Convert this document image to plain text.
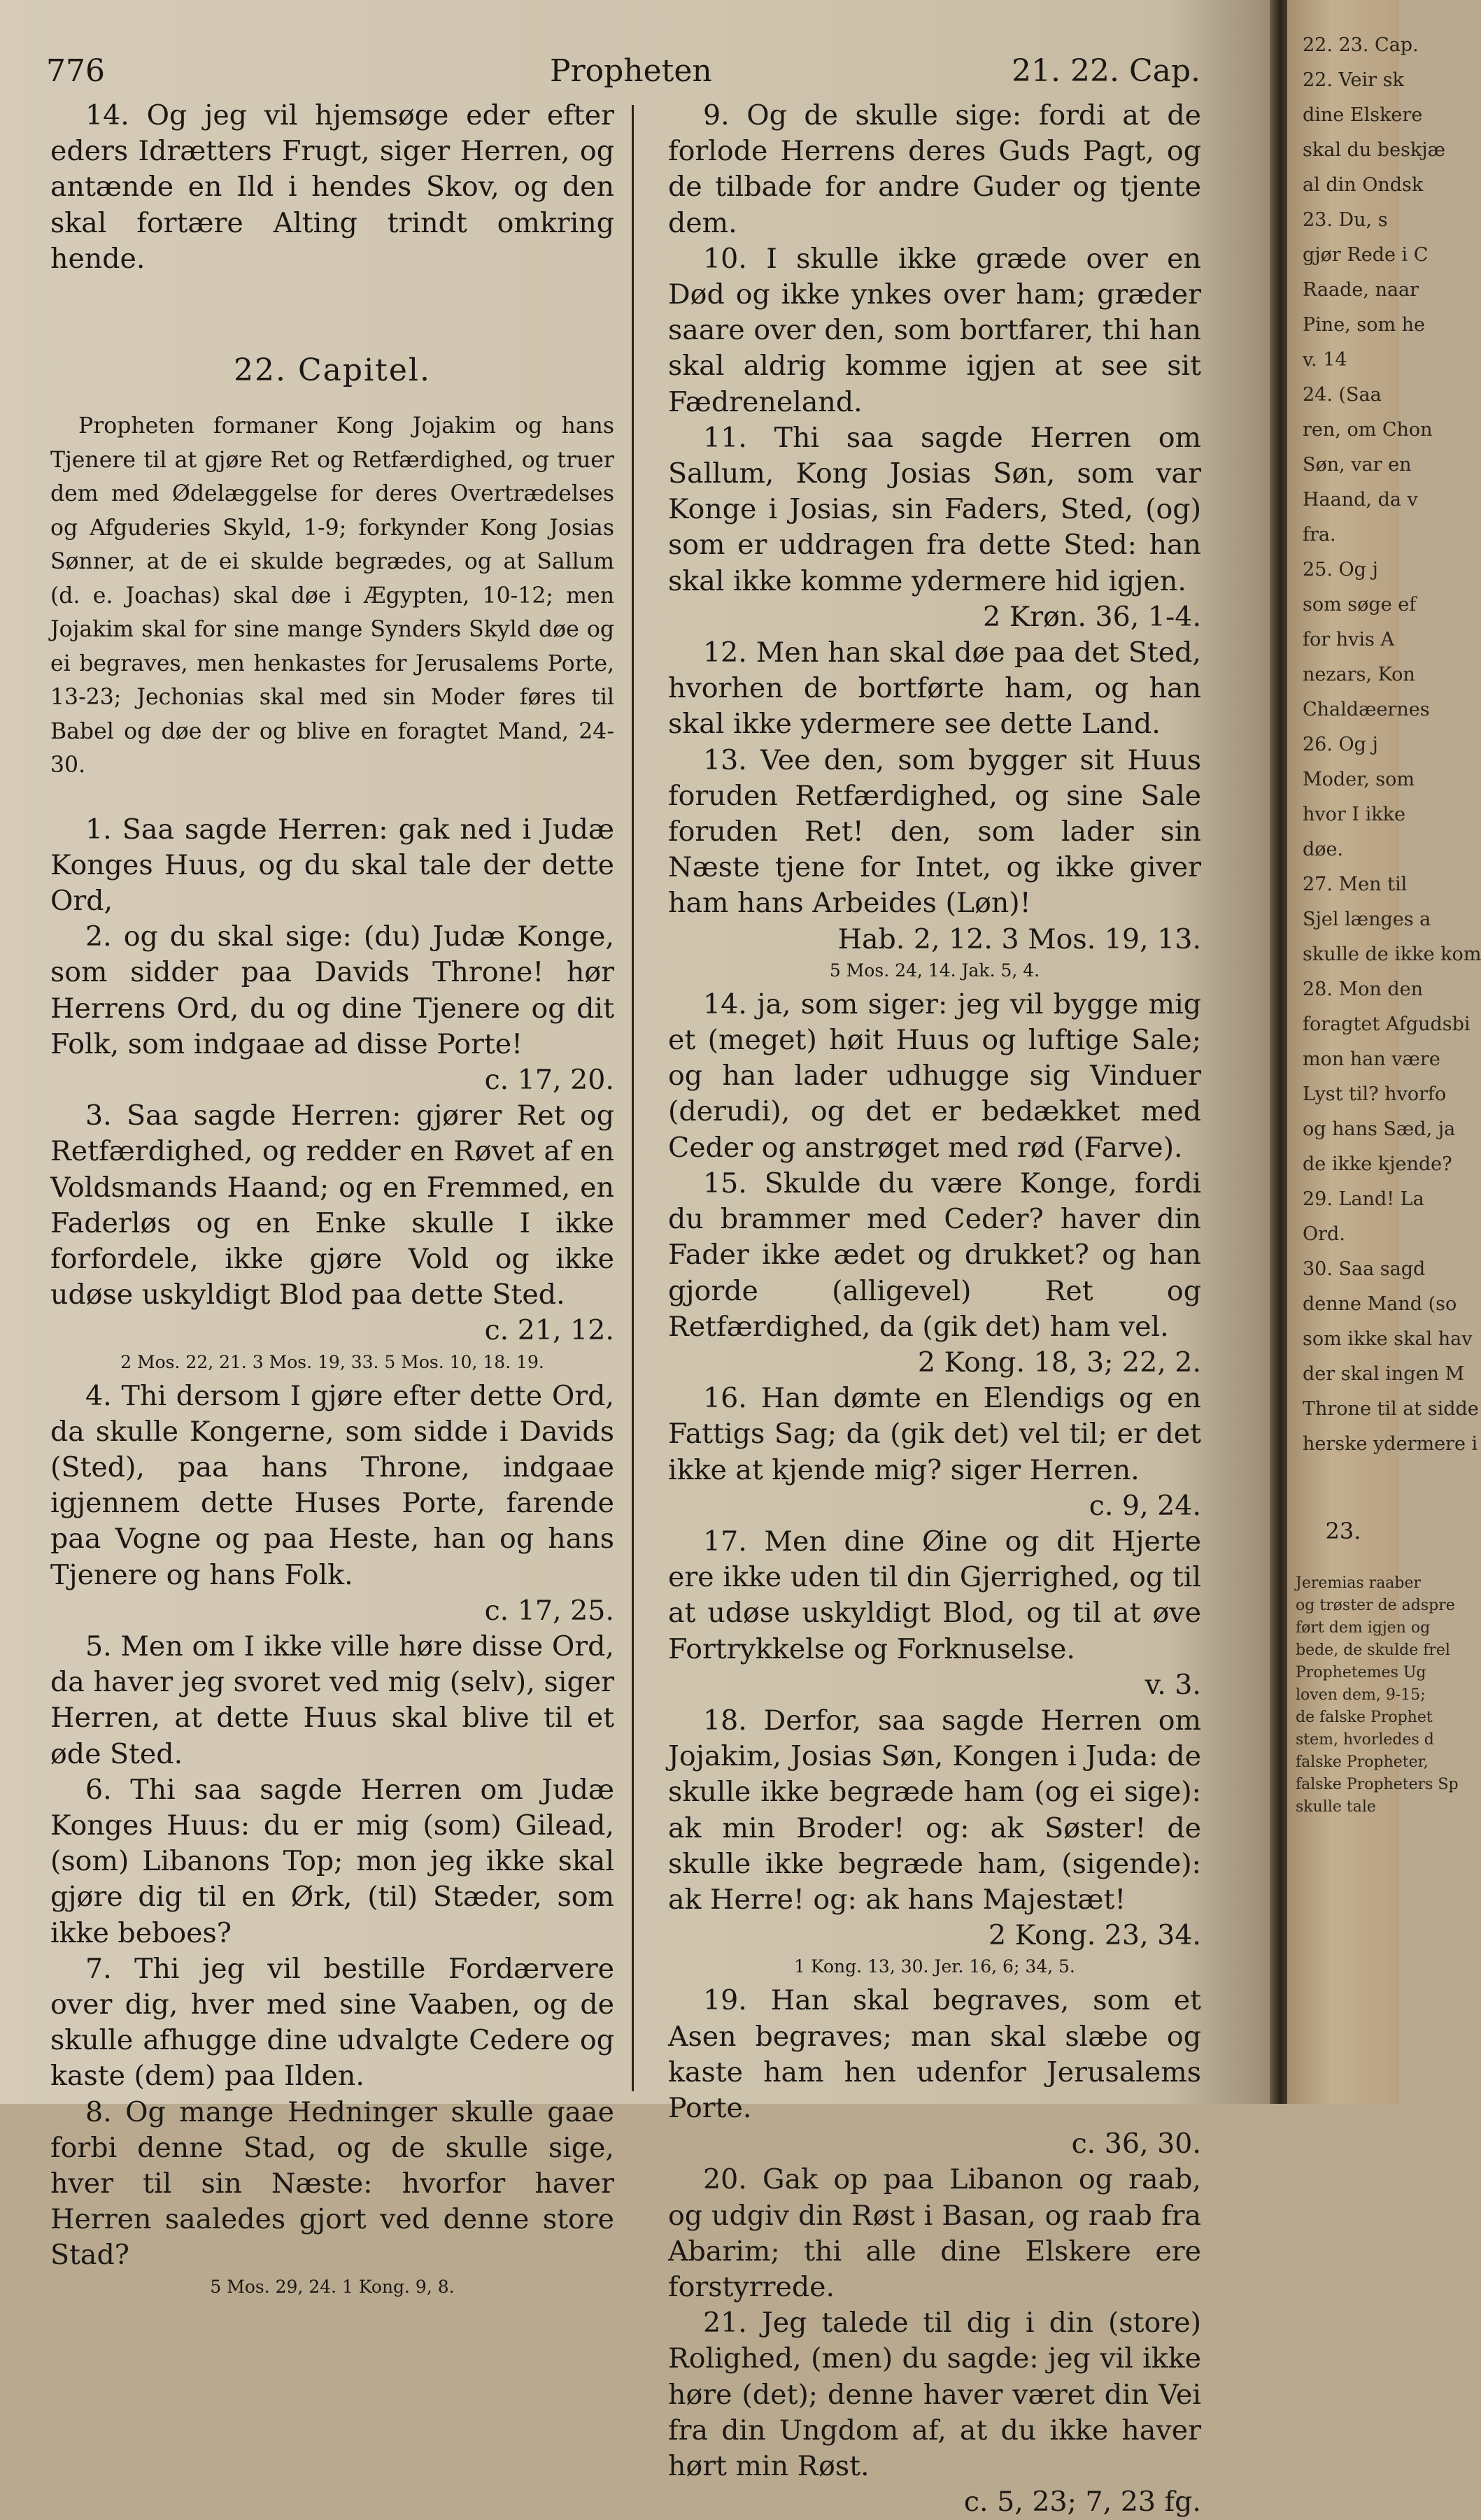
776	Propheten	21. 22. Cap.

14. Og jeg vil hjemsøge eder efter eders Idrætters Frugt, siger Herren, og antænde en Ild i hendes Skov, og den skal fortære Alting trindt omkring hende.

22. Capitel.

Propheten formaner Kong Jojakim og hans Tjenere til at gjøre Ret og Retfærdighed, og truer dem med Ødelæggelse for deres Overtrædelses og Afguderies Skyld, 1-9; forkynder Kong Josias Sønner, at de ei skulde begrædes, og at Sallum (d. e. Joachas) skal døe i Ægypten, 10-12; men Jojakim skal for sine mange Synders Skyld døe og ei begraves, men henkastes for Jerusalems Porte, 13-23; Jechonias skal med sin Moder føres til Babel og døe der og blive en foragtet Mand, 24-30.

1. Saa sagde Herren: gak ned i Judæ Konges Huus, og du skal tale der dette Ord,

2. og du skal sige: (du) Judæ Konge, som sidder paa Davids Throne! hør Herrens Ord, du og dine Tjenere og dit Folk, som indgaae ad disse Porte!
c. 17, 20.

3. Saa sagde Herren: gjører Ret og Retfærdighed, og redder en Røvet af en Voldsmands Haand; og en Fremmed, en Faderløs og en Enke skulle I ikke forfordele, ikke gjøre Vold og ikke udøse uskyldigt Blod paa dette Sted.
c. 21, 12.

2 Mos. 22, 21. 3 Mos. 19, 33. 5 Mos. 10, 18. 19.

4. Thi dersom I gjøre efter dette Ord, da skulle Kongerne, som sidde i Davids (Sted), paa hans Throne, indgaae igjennem dette Huses Porte, farende paa Vogne og paa Heste, han og hans Tjenere og hans Folk.
c. 17, 25.

5. Men om I ikke ville høre disse Ord, da haver jeg svoret ved mig (selv), siger Herren, at dette Huus skal blive til et øde Sted.

6. Thi saa sagde Herren om Judæ Konges Huus: du er mig (som) Gilead, (som) Libanons Top; mon jeg ikke skal gjøre dig til en Ørk, (til) Stæder, som ikke beboes?

7. Thi jeg vil bestille Fordærvere over dig, hver med sine Vaaben, og de skulle afhugge dine udvalgte Cedere og kaste (dem) paa Ilden.

8. Og mange Hedninger skulle gaae forbi denne Stad, og de skulle sige, hver til sin Næste: hvorfor haver Herren saaledes gjort ved denne store Stad?

5 Mos. 29, 24. 1 Kong. 9, 8.

9. Og de skulle sige: fordi at de forlode Herrens deres Guds Pagt, og de tilbade for andre Guder og tjente dem.

10. I skulle ikke græde over en Død og ikke ynkes over ham; græder saare over den, som bortfarer, thi han skal aldrig komme igjen at see sit Fædreneland.

11. Thi saa sagde Herren om Sallum, Kong Josias Søn, som var Konge i Josias, sin Faders, Sted, (og) som er uddragen fra dette Sted: han skal ikke komme ydermere hid igjen.
2 Krøn. 36, 1-4.

12. Men han skal døe paa det Sted, hvorhen de bortførte ham, og han skal ikke ydermere see dette Land.

13. Vee den, som bygger sit Huus foruden Retfærdighed, og sine Sale foruden Ret! den, som lader sin Næste tjene for Intet, og ikke giver ham hans Arbeides (Løn)!
Hab. 2, 12. 3 Mos. 19, 13.

5 Mos. 24, 14. Jak. 5, 4.

14. ja, som siger: jeg vil bygge mig et (meget) høit Huus og luftige Sale; og han lader udhugge sig Vinduer (derudi), og det er bedækket med Ceder og anstrøget med rød (Farve).

15. Skulde du være Konge, fordi du brammer med Ceder? haver din Fader ikke ædet og drukket? og han gjorde (alligevel) Ret og Retfærdighed, da (gik det) ham vel.
2 Kong. 18, 3; 22, 2.

16. Han dømte en Elendigs og en Fattigs Sag; da (gik det) vel til; er det ikke at kjende mig? siger Herren.
c. 9, 24.

17. Men dine Øine og dit Hjerte ere ikke uden til din Gjerrighed, og til at udøse uskyldigt Blod, og til at øve Fortrykkelse og Forknuselse.
v. 3.

18. Derfor, saa sagde Herren om Jojakim, Josias Søn, Kongen i Juda: de skulle ikke begræde ham (og ei sige): ak min Broder! og: ak Søster! de skulle ikke begræde ham, (sigende): ak Herre! og: ak hans Majestæt!
2 Kong. 23, 34.

1 Kong. 13, 30. Jer. 16, 6; 34, 5.

19. Han skal begraves, som et Asen begraves; man skal slæbe og kaste ham hen udenfor Jerusalems Porte.
c. 36, 30.

20. Gak op paa Libanon og raab, og udgiv din Røst i Basan, og raab fra Abarim; thi alle dine Elskere ere forstyrrede.

21. Jeg talede til dig i din (store) Rolighed, (men) du sagde: jeg vil ikke høre (det); denne haver været din Vei fra din Ungdom af, at du ikke haver hørt min Røst.
c. 5, 23; 7, 23 fg.

22. 23. Cap.
22. Veir sk
dine Elskere
skal du beskjæ
al din Ondsk
23. Du, s
gjør Rede i C
Raade, naar
Pine, som he
v. 14
24. (Saa
ren, om Chon
Søn, var en
Haand, da v
fra.
25. Og j
som søge ef
for hvis A
nezars, Kon
Chaldæernes
26. Og j
Moder, som
hvor I ikke
døe.
27. Men til
Sjel længes a
skulle de ikke kom
28. Mon den
foragtet Afgudsbi
mon han være
Lyst til? hvorfo
og hans Sæd, ja
de ikke kjende?
29. Land! La
Ord.
30. Saa sagd
denne Mand (so
som ikke skal hav
der skal ingen M
Throne til at sidde
herske ydermere i
23.
Jeremias raaber
og trøster de adspre
ført dem igjen og
bede, de skulde frel
Prophetemes Ug
loven dem, 9-15;
de falske Prophet
stem, hvorledes d
falske Propheter,
falske Propheters Sp
skulle tale
